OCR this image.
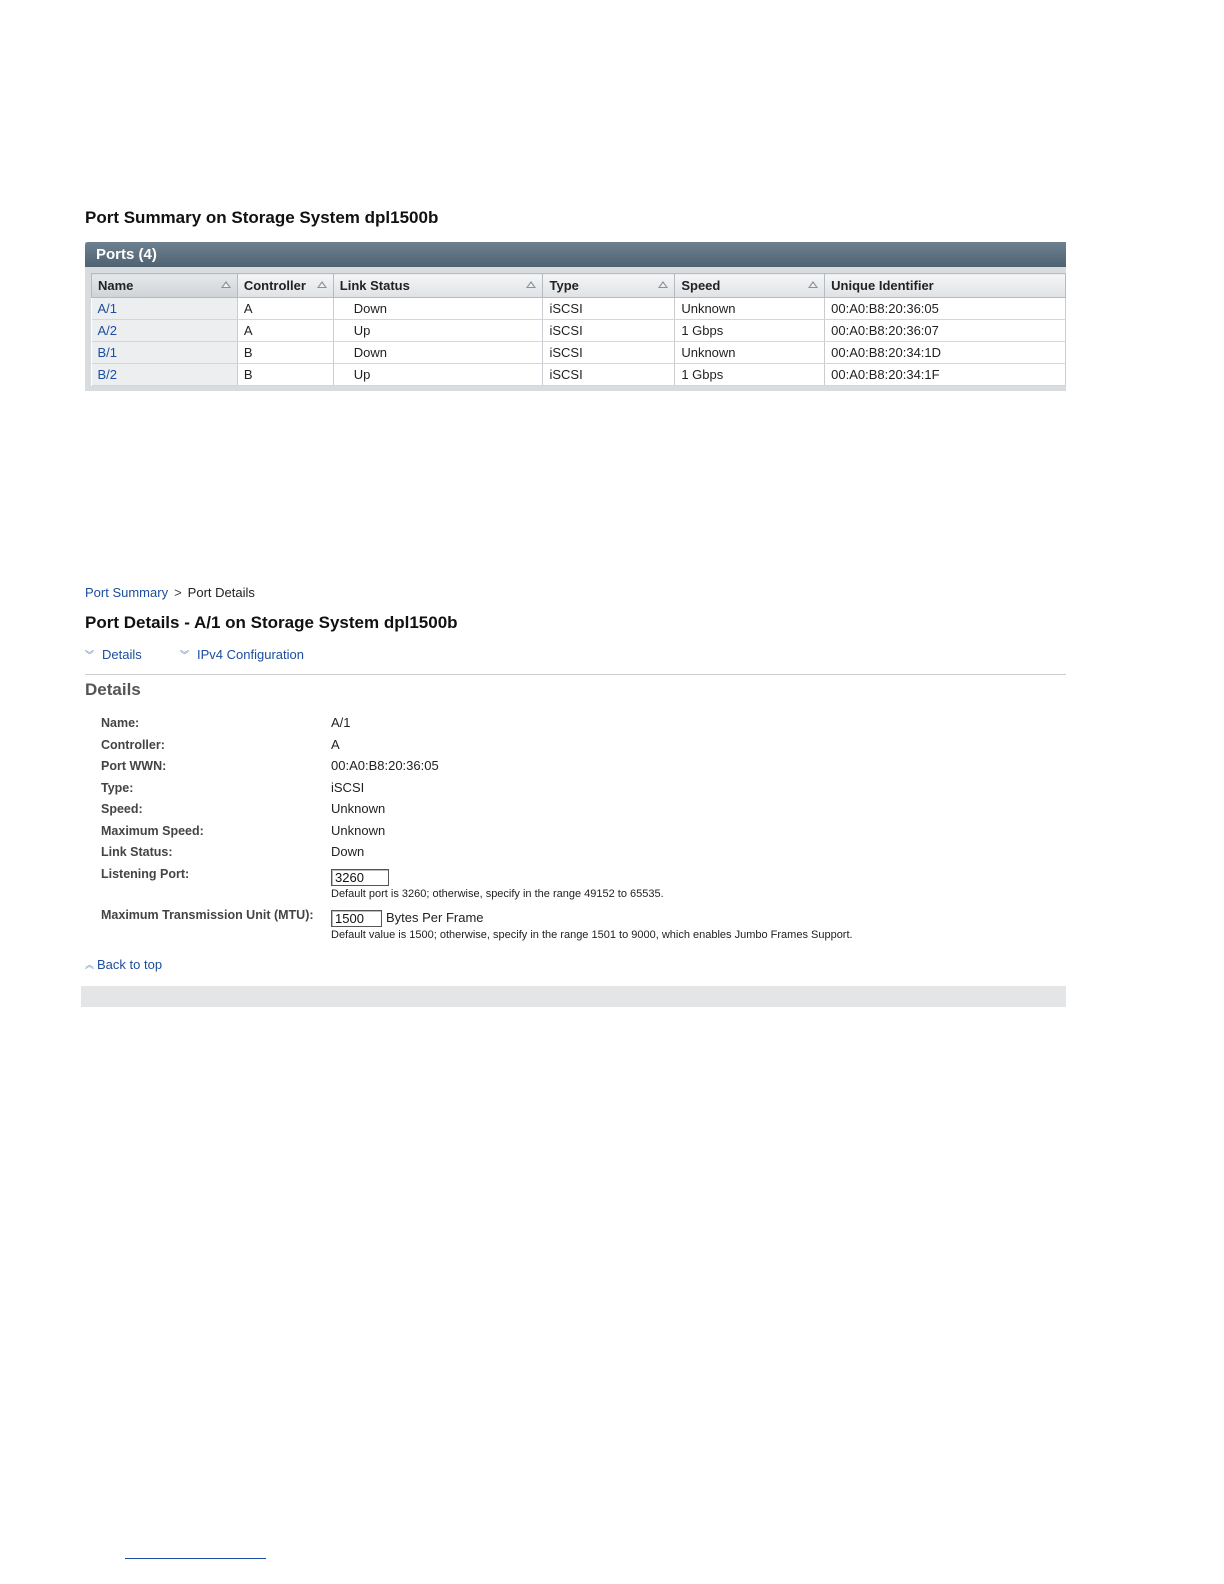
Port Summary on Storage System dpl1500b
Ports (4)
Name	Controller	Link Status	Type	Speed	Unique Identifier
A/1	A	Down	iSCSI	Unknown	00:A0:B8:20:36:05
A/2	A	Up	iSCSI	1 Gbps	00:A0:B8:20:36:07
B/1	B	Down	iSCSI	Unknown	00:A0:B8:20:34:1D
B/2	B	Up	iSCSI	1 Gbps	00:A0:B8:20:34:1F
Port Summary > Port Details
Port Details - A/1 on Storage System dpl1500b
︾ Details	︾ IPv4 Configuration
Details
Name:	A/1
Controller:	A
Port WWN:	00:A0:B8:20:36:05
Type:	iSCSI
Speed:	Unknown
Maximum Speed:	Unknown
Link Status:	Down
Listening Port:
3260
Default port is 3260; otherwise, specify in the range 49152 to 65535.
Maximum Transmission Unit (MTU):
1500	Bytes Per Frame
Default value is 1500; otherwise, specify in the range 1501 to 9000, which enables Jumbo Frames Support.
︽ Back to top
